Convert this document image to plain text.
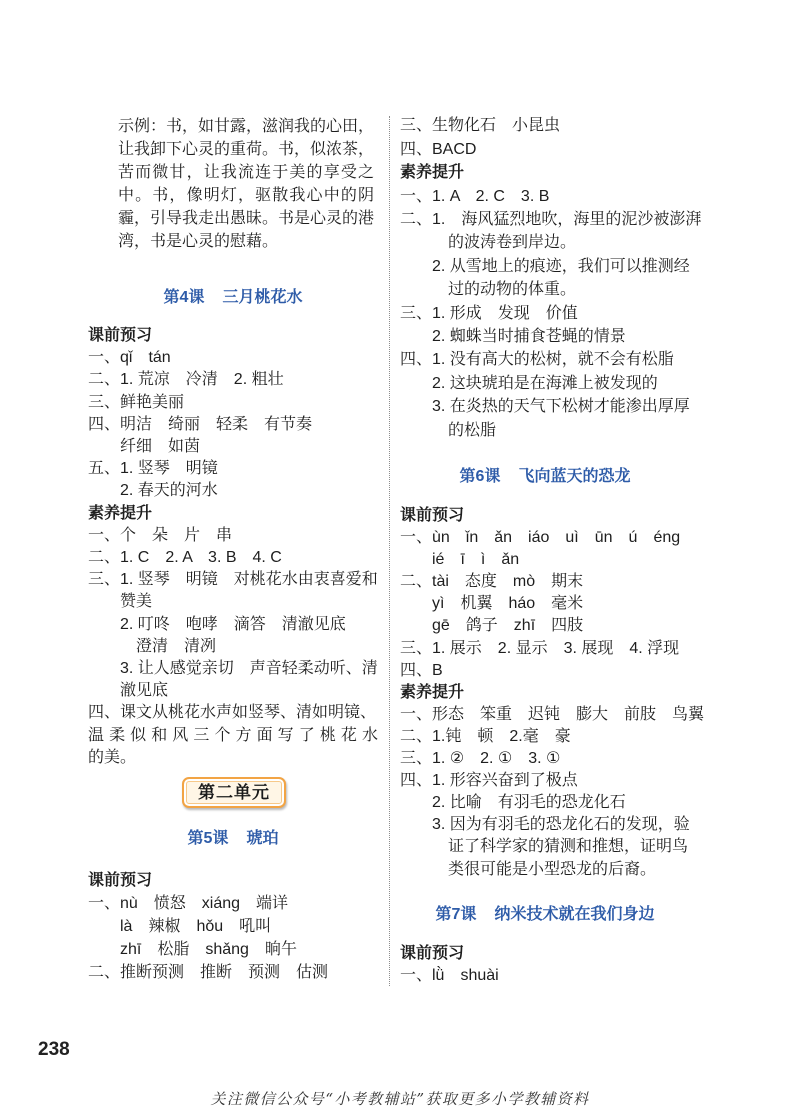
示例：书，如甘露，滋润我的心田，
让我卸下心灵的重荷。书，似浓茶，
苦而微甘，让我流连于美的享受之
中。书，像明灯，驱散我心中的阴
霾，引导我走出愚昧。书是心灵的港
湾，书是心灵的慰藉。
第4课 三月桃花水
课前预习
一、qǐ　tán
二、1. 荒凉　冷清　2. 粗壮
三、鲜艳美丽
四、明洁　绮丽　轻柔　有节奏
纤细　如茵
五、1. 竖琴　明镜
2. 春天的河水
素养提升
一、个　朵　片　串
二、1. C　2. A　3. B　4. C
三、1. 竖琴　明镜　对桃花水由衷喜爱和
赞美
2. 叮咚　咆哮　滴答　清澈见底
澄清　清冽
3. 让人感觉亲切　声音轻柔动听、清
澈见底
四、课文从桃花水声如竖琴、清如明镜、
温柔似和风三个方面写了桃花水
的美。
第二单元
第5课 琥珀
课前预习
一、nù　愤怒　xiáng　端详
là　辣椒　hǒu　吼叫
zhī　松脂　shǎng　晌午
二、推断预测　推断　预测　估测
三、生物化石　小昆虫
四、BACD
素养提升
一、1. A　2. C　3. B
二、1.　海风猛烈地吹，海里的泥沙被澎湃
的波涛卷到岸边。
2. 从雪地上的痕迹，我们可以推测经
过的动物的体重。
三、1. 形成　发现　价值
2. 蜘蛛当时捕食苍蝇的情景
四、1. 没有高大的松树，就不会有松脂
2. 这块琥珀是在海滩上被发现的
3. 在炎热的天气下松树才能渗出厚厚
的松脂
第6课 飞向蓝天的恐龙
课前预习
一、ùn　ǐn　ǎn　iáo　uì　ūn　ú　éng
ié　ī　ì　ǎn
二、tài　态度　mò　期末
yì　机翼　háo　毫米
gē　鸽子　zhī　四肢
三、1. 展示　2. 显示　3. 展现　4. 浮现
四、B
素养提升
一、形态　笨重　迟钝　膨大　前肢　鸟翼
二、1.钝　顿　2.毫　豪
三、1. ②　2. ①　3. ①
四、1. 形容兴奋到了极点
2. 比喻　有羽毛的恐龙化石
3. 因为有羽毛的恐龙化石的发现，验
证了科学家的猜测和推想，证明鸟
类很可能是小型恐龙的后裔。
第7课 纳米技术就在我们身边
课前预习
一、lǜ　shuài
238
关注微信公众号“小考教辅站”获取更多小学教辅资料
